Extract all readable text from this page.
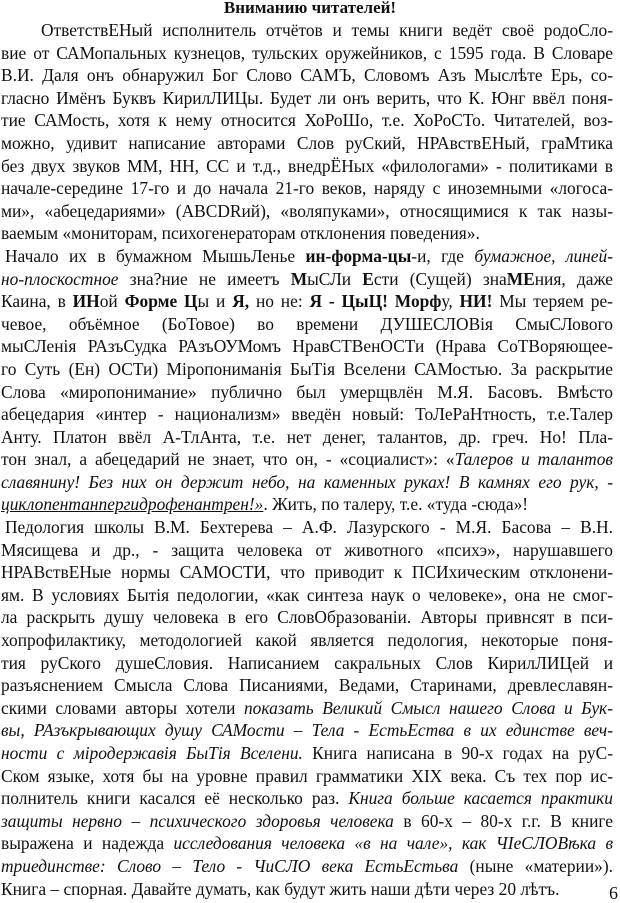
Вниманию читателей!
ОтветствЕНый исполнитель отчётов и темы книги ведёт своё родоСло-
вие от САМопальных кузнецов, тульских оружейников, с 1595 года. В Словаре
В.И. Даля онъ обнаружил Бог Слово САМЪ, Словомъ Азъ Мыслѣте Ерь, со-
гласно Имёнъ Буквъ КирилЛИЦы. Будет ли онъ верить, что К. Юнг ввёл поня-
тие САМость, хотя к нему относится ХоРоШо, т.е. ХоРоСТо. Читателей, воз-
можно, удивит написание авторами Слов руСкий, НРАвствЕНый, граМтика
без двух звуков ММ, НН, СС и т.д., внедрЁНых «филологами» - политиками в
начале-середине 17-го и до начала 21-го веков, наряду с иноземными «логоса-
ми», «абецедариями» (ABCDRий), «воляпуками», относящимися к так назы-
ваемым «мониторам, психогенераторам отклонения поведения».
Начало их в бумажном МышьЛенье ин-форма-цы-и, где бумажное, линей-
но-плоскостное зна?ние не имеетъ МыСЛи Ести (Сущей) знаМЕния, даже
Каина, в ИНой Форме Цы и Я, но не: Я - ЦыЦ! Морфу, НИ! Мы теряем ре-
чевое, объёмное (БоТовое) во времени ДУШЕСЛОВія СмыСЛового
мыСЛенія РАзъСудка РАзъОУМомъ НравСТВенОСТи (Нрава СоТВоряющее-
го Суть (Ен) ОСТи) Міропониманія БыТія Вселени САМостью. За раскрытие
Слова «миропонимание» публично был умерщвлён М.Я. Басовъ. Вмѣсто
абецедария «интер - национализм» введён новый: ТоЛеРаНтность, т.е.Талер
Анту. Платон ввёл А-ТлАнта, т.е. нет денег, талантов, др. греч. Но! Пла-
тон знал, а абецедарий не знает, что он, - «социалист»: «Талеров и талантов
славянину! Без них он держит небо, на каменных руках! В камнях его рук, -
циклопентанпергидрофенантрен!». Жить, по талеру, т.е. «туда -сюда»!
Педология школы В.М. Бехтерева – А.Ф. Лазурского - М.Я. Басова – В.Н.
Мясищева и др., - защита человека от животного «психэ», нарушавшего
НРАВствЕНые нормы САМОСТИ, что приводит к ПСИхическим отклонени-
ям. В условиях Бытія педологии, «как синтеза наук о человеке», она не смог-
ла раскрыть душу человека в его СловОбразованіи. Авторы привнсят в пси-
хопрофилактику, методологией какой является педология, некоторые поня-
тия руСкого душеСловия. Написанием сакральных Слов КирилЛИЦей и
разъяснением Смысла Слова Писаниями, Ведами, Старинами, древлеславян-
скими словами авторы хотели показать Великий Смысл нашего Слова и Бук-
вы, РАзъкрывающих душу САМости – Тела - ЕстьЕства в их единстве веч-
ности с міродержавія БыТія Вселени. Книга написана в 90-х годах на руС-
Ском языке, хотя бы на уровне правил грамматики XIX века. Съ тех пор ис-
полнитель книги касался её несколько раз. Книга больше касается практики
защиты нервно – психического здоровья человека в 60-х – 80-х г.г. В книге
выражена и надежда исследования человека «в на чале», как ЧІеСЛОВѣка в
триединстве: Слово – Тело - ЧиСЛО века ЕстьЕстьва (ныне «материи»).
Книга – спорная. Давайте думать, как будут жить наши дѣти через 20 лѣтъ.	6
